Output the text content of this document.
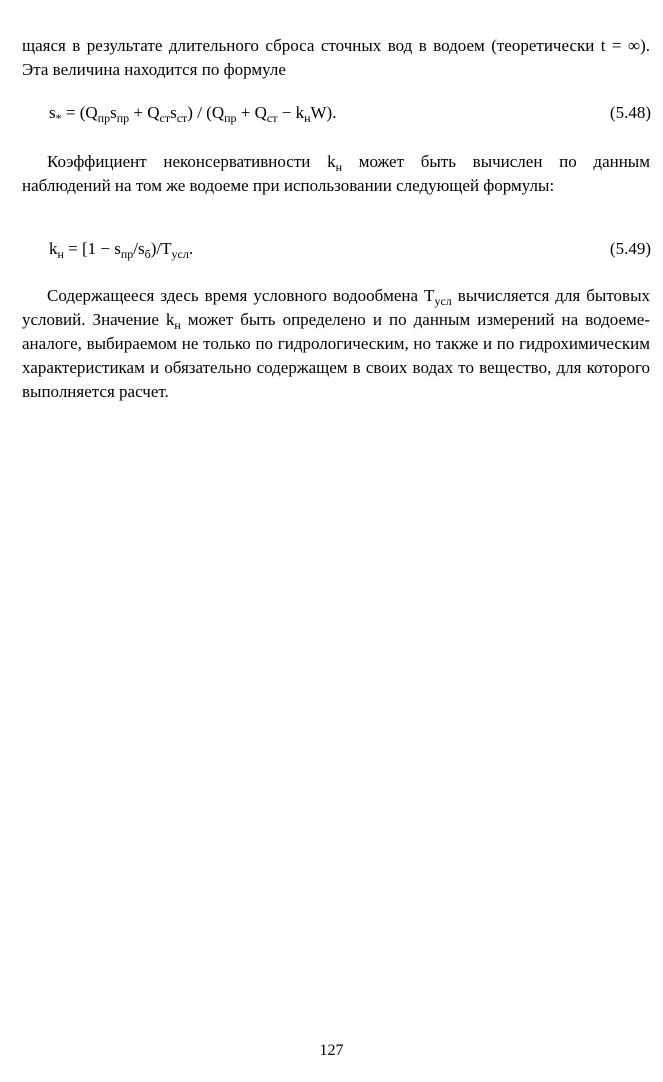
щаяся в результате длительного сброса сточных вод в водоем (теоретически t = ∞). Эта величина находится по формуле

$s_* = (Q_{пр}s_{пр} + Q_{ст}s_{ст}) / (Q_{пр} + Q_{ст} - k_нW)$.	(5.48)

Коэффициент неконсервативности $k_н$ может быть вычислен по данным наблюдений на том же водоеме при использовании следующей формулы:

$k_н = [1 - s_{пр}/s_б)/T_{усл}$.	(5.49)

Содержащееся здесь время условного водообмена $T_{усл}$ вычисляется для бытовых условий. Значение $k_н$ может быть определено и по данным измерений на водоеме-аналоге, выбираемом не только по гидрологическим, но также и по гидрохимическим характеристикам и обязательно содержащем в своих водах то вещество, для которого выполняется расчет.

127
